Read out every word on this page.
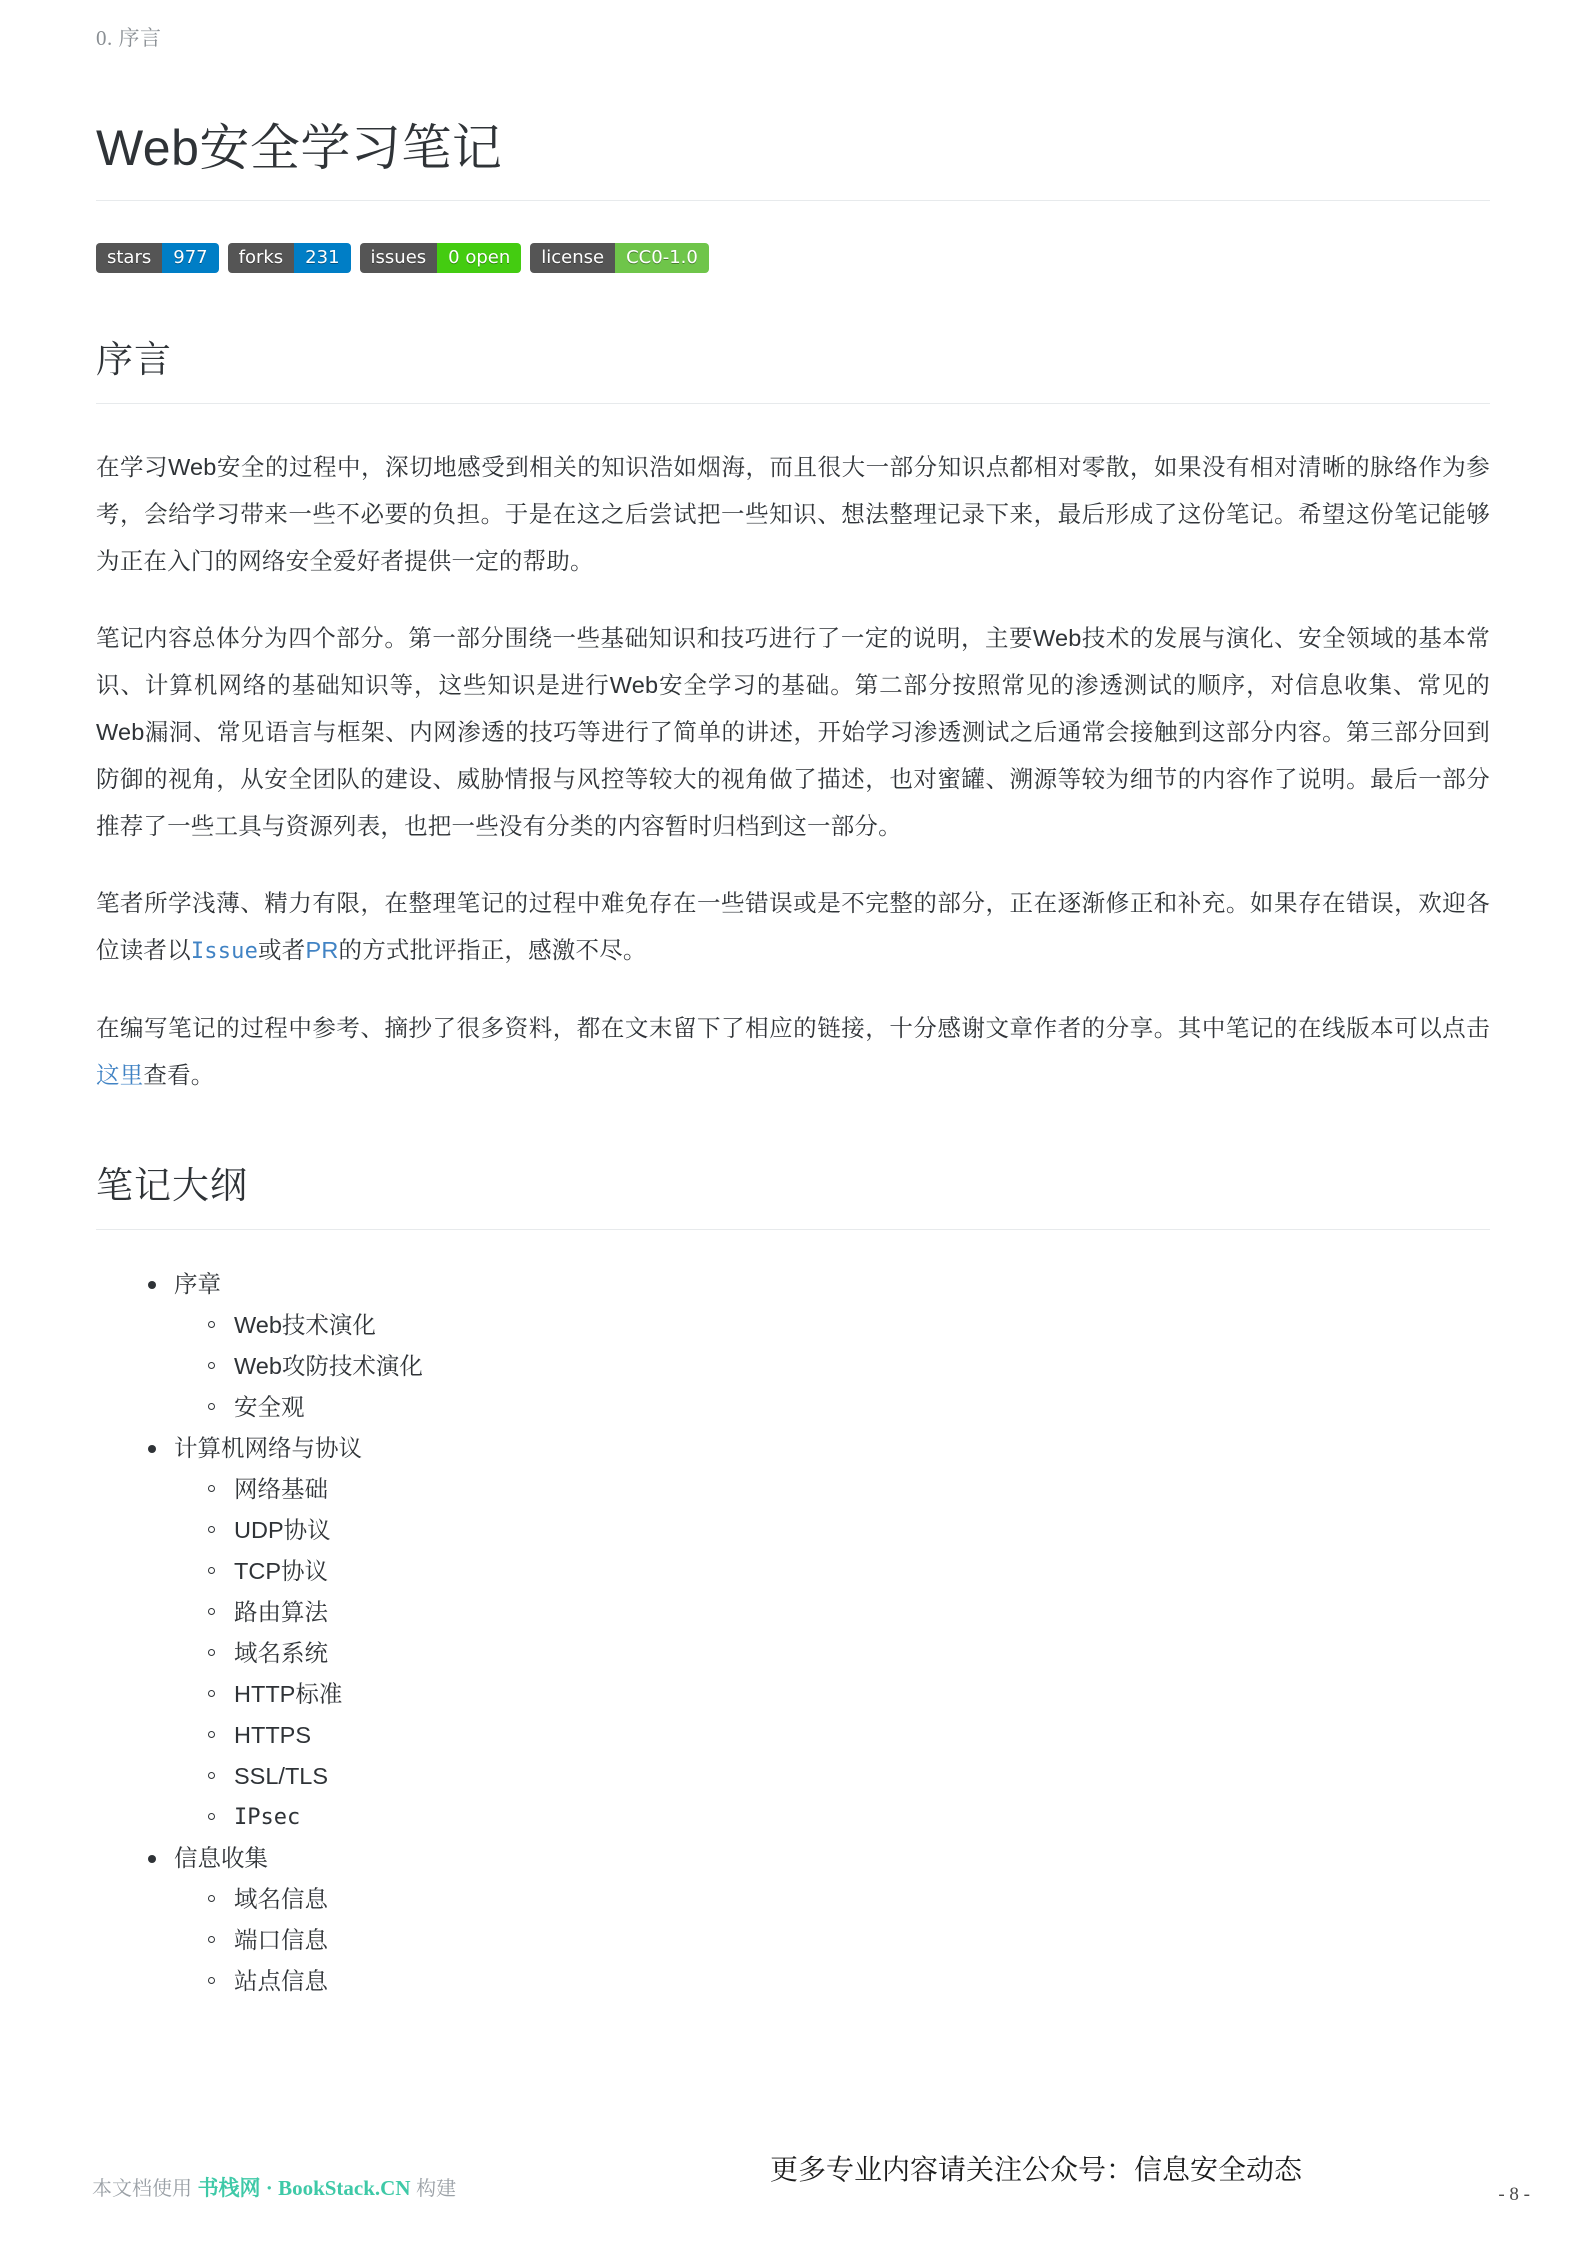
0. 序言
Web安全学习笔记
stars	977	forks	231	issues	0 open	license	CC0-1.0
序言

在学习Web安全的过程中，深切地感受到相关的知识浩如烟海，而且很大一部分知识点都相对零散，如果没有相对清晰的脉络作为参考，会给学习带来一些不必要的负担。于是在这之后尝试把一些知识、想法整理记录下来，最后形成了这份笔记。希望这份笔记能够为正在入门的网络安全爱好者提供一定的帮助。

笔记内容总体分为四个部分。第一部分围绕一些基础知识和技巧进行了一定的说明，主要Web技术的发展与演化、安全领域的基本常识、计算机网络的基础知识等，这些知识是进行Web安全学习的基础。第二部分按照常见的渗透测试的顺序，对信息收集、常见的Web漏洞、常见语言与框架、内网渗透的技巧等进行了简单的讲述，开始学习渗透测试之后通常会接触到这部分内容。第三部分回到防御的视角，从安全团队的建设、威胁情报与风控等较大的视角做了描述，也对蜜罐、溯源等较为细节的内容作了说明。最后一部分推荐了一些工具与资源列表，也把一些没有分类的内容暂时归档到这一部分。

笔者所学浅薄、精力有限，在整理笔记的过程中难免存在一些错误或是不完整的部分，正在逐渐修正和补充。如果存在错误，欢迎各位读者以Issue或者PR的方式批评指正，感激不尽。

在编写笔记的过程中参考、摘抄了很多资料，都在文末留下了相应的链接，十分感谢文章作者的分享。其中笔记的在线版本可以点击这里查看。

笔记大纲
序章
Web技术演化
Web攻防技术演化
安全观
计算机网络与协议
网络基础
UDP协议
TCP协议
路由算法
域名系统
HTTP标准
HTTPS
SSL/TLS
IPsec
信息收集
域名信息
端口信息
站点信息
本文档使用 书栈网 · BookStack.CN 构建
更多专业内容请关注公众号：信息安全动态
- 8 -
